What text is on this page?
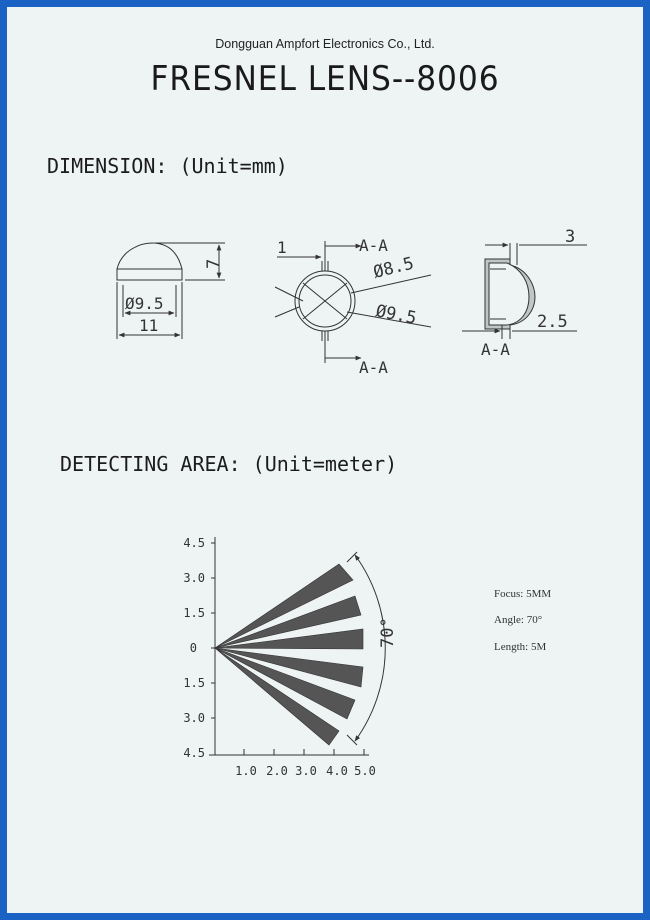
Dongguan Ampfort Electronics Co., Ltd.
FRESNEL LENS--8006
DIMENSION: (Unit=mm)
DETECTING AREA: (Unit=meter)
7
Ø9.5
11
1	A-A
A-A
Ø8.5
Ø9.5
3
2.5
A-A
70°
4.5
3.0
1.5
0
1.5
3.0
4.5
1.0 2.0 3.0 4.0 5.0
Focus: 5MM
Angle: 70°
Length: 5M
